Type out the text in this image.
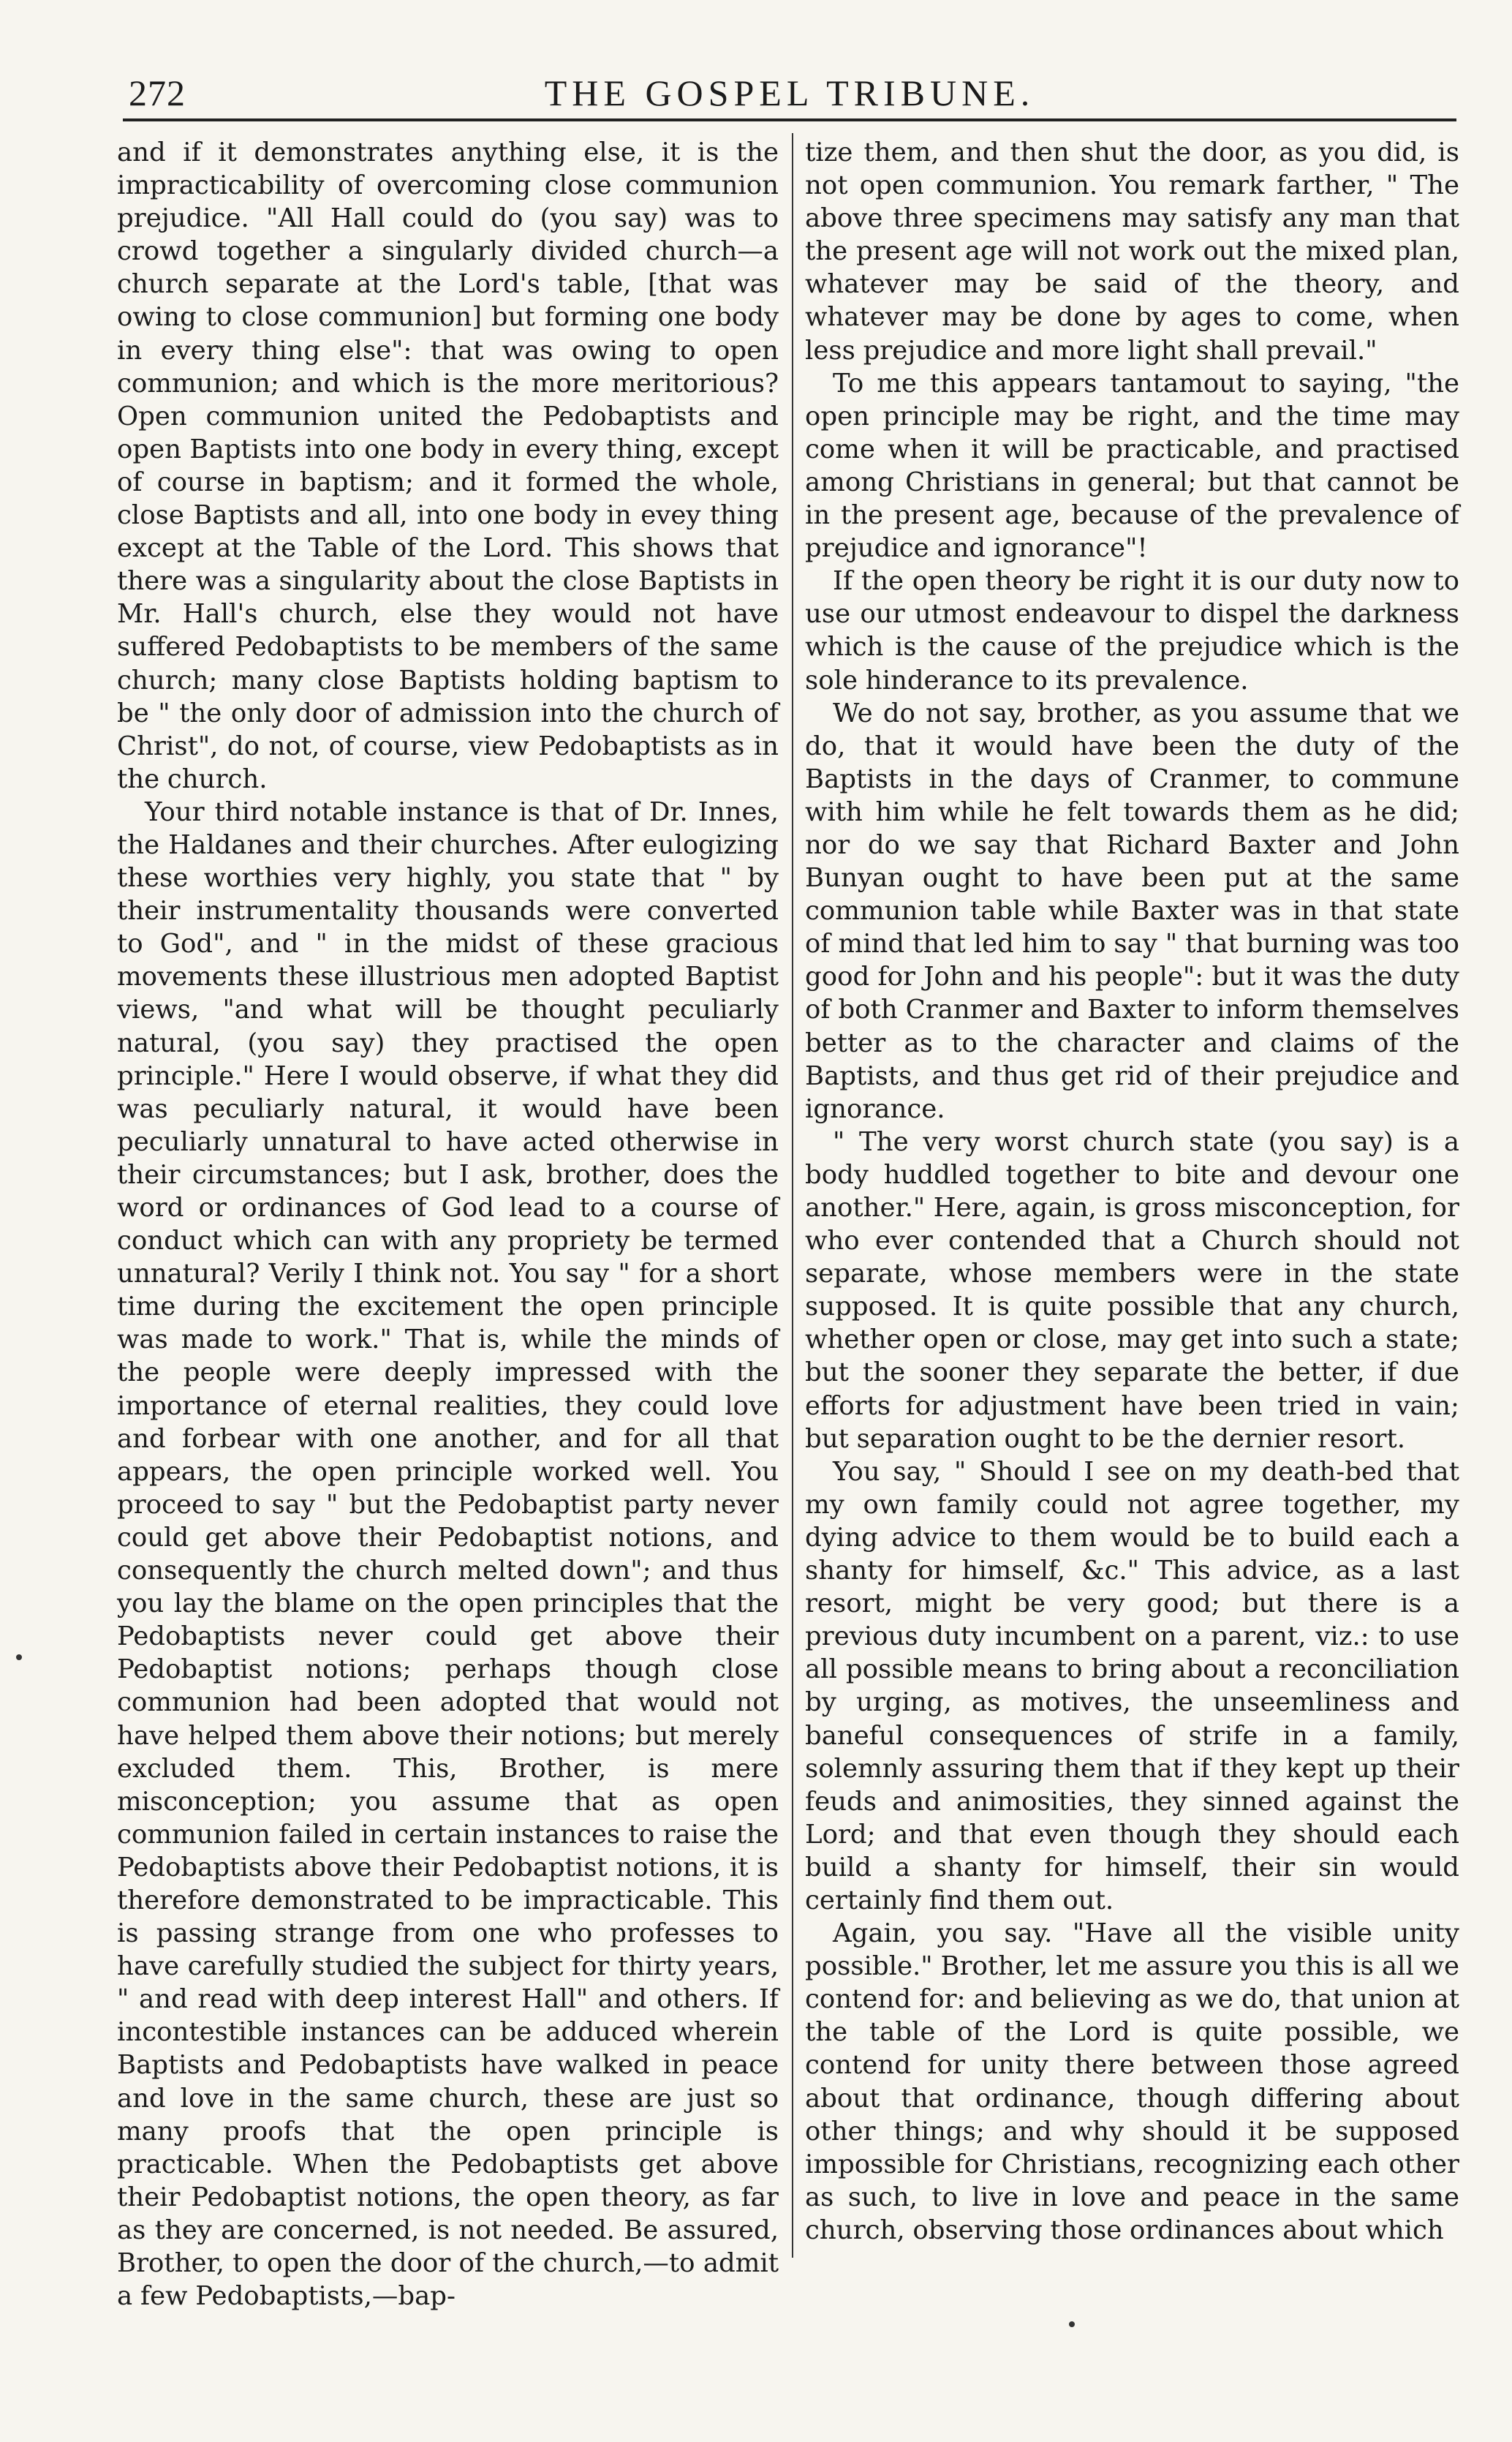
272	THE GOSPEL TRIBUNE.

and if it demonstrates anything else, it is the impracticability of overcoming close communion prejudice. "All Hall could do (you say) was to crowd together a singularly divided church—a church separate at the Lord's table, [that was owing to close communion] but forming one body in every thing else": that was owing to open communion; and which is the more meritorious? Open communion united the Pedobaptists and open Baptists into one body in every thing, except of course in baptism; and it formed the whole, close Baptists and all, into one body in evey thing except at the Table of the Lord. This shows that there was a singularity about the close Baptists in Mr. Hall's church, else they would not have suffered Pedobaptists to be members of the same church; many close Baptists holding baptism to be " the only door of admission into the church of Christ", do not, of course, view Pedobaptists as in the church.

Your third notable instance is that of Dr. Innes, the Haldanes and their churches. After eulogizing these worthies very highly, you state that " by their instrumentality thousands were converted to God", and " in the midst of these gracious movements these illustrious men adopted Baptist views, "and what will be thought peculiarly natural, (you say) they practised the open principle." Here I would observe, if what they did was peculiarly natural, it would have been peculiarly unnatural to have acted otherwise in their circumstances; but I ask, brother, does the word or ordinances of God lead to a course of conduct which can with any propriety be termed unnatural? Verily I think not. You say " for a short time during the excitement the open principle was made to work." That is, while the minds of the people were deeply impressed with the importance of eternal realities, they could love and forbear with one another, and for all that appears, the open principle worked well. You proceed to say " but the Pedobaptist party never could get above their Pedobaptist notions, and consequently the church melted down"; and thus you lay the blame on the open principles that the Pedobaptists never could get above their Pedobaptist notions; perhaps though close communion had been adopted that would not have helped them above their notions; but merely excluded them. This, Brother, is mere misconception; you assume that as open communion failed in certain instances to raise the Pedobaptists above their Pedobaptist notions, it is therefore demonstrated to be impracticable. This is passing strange from one who professes to have carefully studied the subject for thirty years, " and read with deep interest Hall" and others. If incontestible instances can be adduced wherein Baptists and Pedobaptists have walked in peace and love in the same church, these are just so many proofs that the open principle is practicable. When the Pedobaptists get above their Pedobaptist notions, the open theory, as far as they are concerned, is not needed. Be assured, Brother, to open the door of the church,—to admit a few Pedobaptists,—bap-

tize them, and then shut the door, as you did, is not open communion. You remark farther, " The above three specimens may satisfy any man that the present age will not work out the mixed plan, whatever may be said of the theory, and whatever may be done by ages to come, when less prejudice and more light shall prevail."

To me this appears tantamout to saying, "the open principle may be right, and the time may come when it will be practicable, and practised among Christians in general; but that cannot be in the present age, because of the prevalence of prejudice and ignorance"!

If the open theory be right it is our duty now to use our utmost endeavour to dispel the darkness which is the cause of the prejudice which is the sole hinderance to its prevalence.

We do not say, brother, as you assume that we do, that it would have been the duty of the Baptists in the days of Cranmer, to commune with him while he felt towards them as he did; nor do we say that Richard Baxter and John Bunyan ought to have been put at the same communion table while Baxter was in that state of mind that led him to say " that burning was too good for John and his people": but it was the duty of both Cranmer and Baxter to inform themselves better as to the character and claims of the Baptists, and thus get rid of their prejudice and ignorance.

" The very worst church state (you say) is a body huddled together to bite and devour one another." Here, again, is gross misconception, for who ever contended that a Church should not separate, whose members were in the state supposed. It is quite possible that any church, whether open or close, may get into such a state; but the sooner they separate the better, if due efforts for adjustment have been tried in vain; but separation ought to be the dernier resort.

You say, " Should I see on my death-bed that my own family could not agree together, my dying advice to them would be to build each a shanty for himself, &c." This advice, as a last resort, might be very good; but there is a previous duty incumbent on a parent, viz.: to use all possible means to bring about a reconciliation by urging, as motives, the unseemliness and baneful consequences of strife in a family, solemnly assuring them that if they kept up their feuds and animosities, they sinned against the Lord; and that even though they should each build a shanty for himself, their sin would certainly find them out.

Again, you say. "Have all the visible unity possible." Brother, let me assure you this is all we contend for: and believing as we do, that union at the table of the Lord is quite possible, we contend for unity there between those agreed about that ordinance, though differing about other things; and why should it be supposed impossible for Christians, recognizing each other as such, to live in love and peace in the same church, observing those ordinances about which
